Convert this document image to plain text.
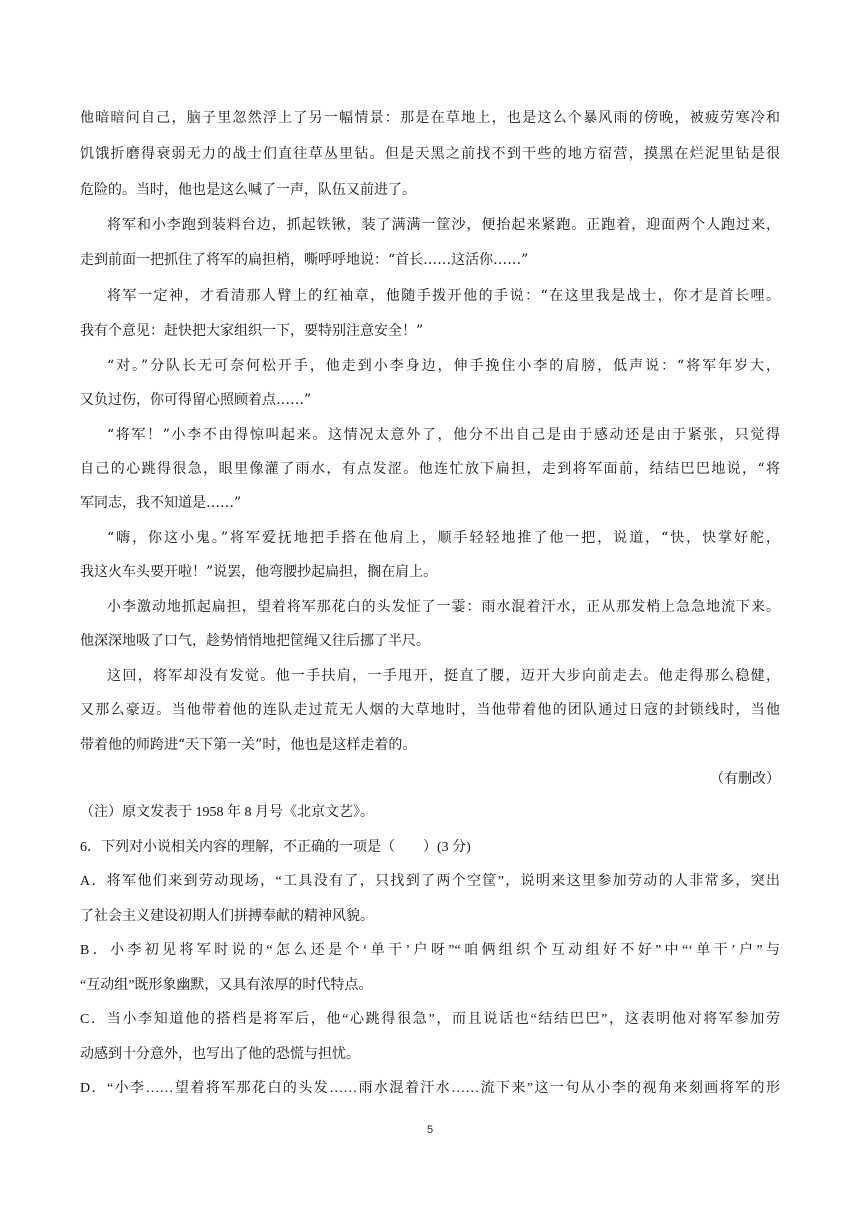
他暗暗问自己，脑子里忽然浮上了另一幅情景：那是在草地上，也是这么个暴风雨的傍晚，被疲劳寒冷和
饥饿折磨得衰弱无力的战士们直往草丛里钻。但是天黑之前找不到干些的地方宿营，摸黑在烂泥里钻是很
危险的。当时，他也是这么喊了一声，队伍又前进了。
将军和小李跑到装料台边，抓起铁锹，装了满满一筐沙，便抬起来紧跑。正跑着，迎面两个人跑过来，
走到前面一把抓住了将军的扁担梢，嘶呼呼地说：“首长……这活你……”
将军一定神，才看清那人臂上的红袖章，他随手拨开他的手说：“在这里我是战士，你才是首长哩。
我有个意见：赶快把大家组织一下，要特别注意安全！”
“对。”分队长无可奈何松开手，他走到小李身边，伸手挽住小李的肩膀，低声说：“将军年岁大，
又负过伤，你可得留心照顾着点……”
“将军！”小李不由得惊叫起来。这情况太意外了，他分不出自己是由于感动还是由于紧张，只觉得
自己的心跳得很急，眼里像灌了雨水，有点发涩。他连忙放下扁担，走到将军面前，结结巴巴地说，“将
军同志，我不知道是……”
“嗨，你这小鬼。”将军爱抚地把手搭在他肩上，顺手轻轻地推了他一把，说道，“快，快掌好舵，
我这火车头要开啦！”说罢，他弯腰抄起扁担，搁在肩上。
小李激动地抓起扁担，望着将军那花白的头发怔了一霎：雨水混着汗水，正从那发梢上急急地流下来。
他深深地吸了口气，趁势悄悄地把筐绳又往后挪了半尺。
这回，将军却没有发觉。他一手扶肩，一手甩开，挺直了腰，迈开大步向前走去。他走得那么稳健，
又那么豪迈。当他带着他的连队走过荒无人烟的大草地时，当他带着他的团队通过日寇的封锁线时，当他
带着他的师跨进“天下第一关”时，他也是这样走着的。
（有删改）
（注）原文发表于 1958 年 8 月号《北京文艺》。
6．下列对小说相关内容的理解，不正确的一项是（　　）(3 分)
A．将军他们来到劳动现场，“工具没有了，只找到了两个空筐”，说明来这里参加劳动的人非常多，突出
了社会主义建设初期人们拼搏奉献的精神风貌。
B．小李初见将军时说的“怎么还是个‘单干’户呀”“咱俩组织个互动组好不好”中“‘单干’户”与
“互动组”既形象幽默，又具有浓厚的时代特点。
C．当小李知道他的搭档是将军后，他“心跳得很急”，而且说话也“结结巴巴”，这表明他对将军参加劳
动感到十分意外，也写出了他的恐慌与担忧。
D．“小李……望着将军那花白的头发……雨水混着汗水……流下来”这一句从小李的视角来刻画将军的形
5
